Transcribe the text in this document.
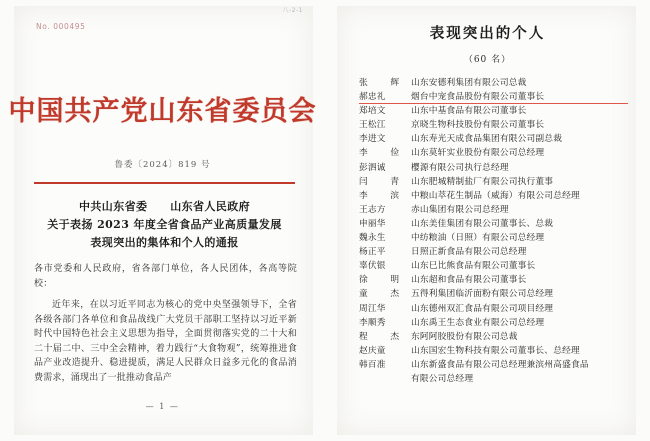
八-2-1
No. 000495
中国共产党山东省委员会
鲁委〔2024〕819 号
中共山东省委　　山东省人民政府
关于表扬 2023 年度全省食品产业高质量发展
表现突出的集体和个人的通报
各市党委和人民政府，省各部门单位，各人民团体，各高等院校：
近年来，在以习近平同志为核心的党中央坚强领导下，全省各级各部门各单位和食品战线广大党员干部职工坚持以习近平新时代中国特色社会主义思想为指导，全面贯彻落实党的二十大和二十届二中、三中全会精神，着力践行“大食物观”，统筹推进食品产业改造提升、稳进提质，满足人民群众日益多元化的食品消费需求，涌现出了一批推动食品产
— 1 —
表现突出的个人
（60 名）
张　辉 山东安德利集团有限公司总裁
郝忠礼	烟台中宠食品股份有限公司董事长
郑培文	山东中基食品有限公司董事长
王松江	京晓生物科技股份有限公司董事长
李进文	山东寿光天成食品集团有限公司副总裁
李　俭 山东莫轩实业股份有限公司总经理
彭泗诚	樱源有限公司执行总经理
闫　青 山东肥城精制盐厂有限公司执行董事
李　滨 中粮山萃花生制品（威海）有限公司总经理
王志方	赤山集团有限公司总经理
申丽华	山东美佳集团有限公司董事长、总裁
魏永生	中纺粮油（日照）有限公司总经理
杨正平	日照正新食品有限公司总经理
辜伏银	山东巳比熊食品有限公司董事长
徐　明 山东超和食品有限公司董事长
童　杰 五得利集团临沂面粉有限公司总经理
周江华	山东德州双汇食品有限公司项目经理
李顺秀	山东禹王生态食业有限公司总经理
程　杰 东阿阿胶股份有限公司总裁
赵庆童	山东国宏生物科技有限公司董事长、总经理
韩百准	山东新盛食品有限公司总经理兼滨州高盛食品
有限公司总经理
